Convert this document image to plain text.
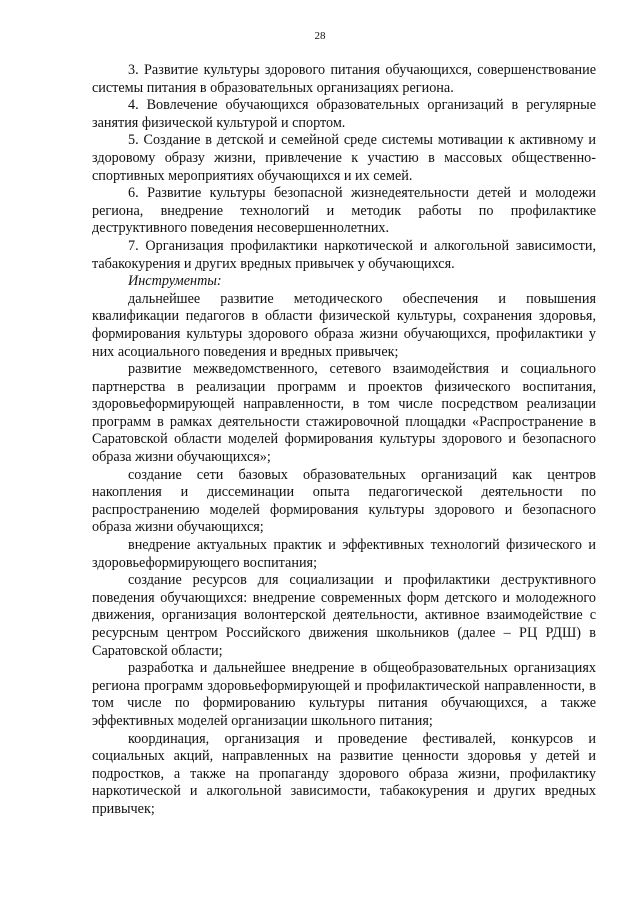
28

3. Развитие культуры здорового питания обучающихся, совершенствование системы питания в образовательных организациях региона.

4. Вовлечение обучающихся образовательных организаций в регулярные занятия физической культурой и спортом.

5. Создание в детской и семейной среде системы мотивации к активному и здоровому образу жизни, привлечение к участию в массовых общественно-спортивных мероприятиях обучающихся и их семей.

6. Развитие культуры безопасной жизнедеятельности детей и молодежи региона, внедрение технологий и методик работы по профилактике деструктивного поведения несовершеннолетних.

7. Организация профилактики наркотической и алкогольной зависимости, табакокурения и других вредных привычек у обучающихся.

Инструменты:

дальнейшее развитие методического обеспечения и повышения квалификации педагогов в области физической культуры, сохранения здоровья, формирования культуры здорового образа жизни обучающихся, профилактики у них асоциального поведения и вредных привычек;

развитие межведомственного, сетевого взаимодействия и социального партнерства в реализации программ и проектов физического воспитания, здоровьеформирующей направленности, в том числе посредством реализации программ в рамках деятельности стажировочной площадки «Распространение в Саратовской области моделей формирования культуры здорового и безопасного образа жизни обучающихся»;

создание сети базовых образовательных организаций как центров накопления и диссеминации опыта педагогической деятельности по распространению моделей формирования культуры здорового и безопасного образа жизни обучающихся;

внедрение актуальных практик и эффективных технологий физического и здоровьеформирующего воспитания;

создание ресурсов для социализации и профилактики деструктивного поведения обучающихся: внедрение современных форм детского и молодежного движения, организация волонтерской деятельности, активное взаимодействие с ресурсным центром Российского движения школьников (далее – РЦ РДШ) в Саратовской области;

разработка и дальнейшее внедрение в общеобразовательных организациях региона программ здоровьеформирующей и профилактической направленности, в том числе по формированию культуры питания обучающихся, а также эффективных моделей организации школьного питания;

координация, организация и проведение фестивалей, конкурсов и социальных акций, направленных на развитие ценности здоровья у детей и подростков, а также на пропаганду здорового образа жизни, профилактику наркотической и алкогольной зависимости, табакокурения и других вредных привычек;
